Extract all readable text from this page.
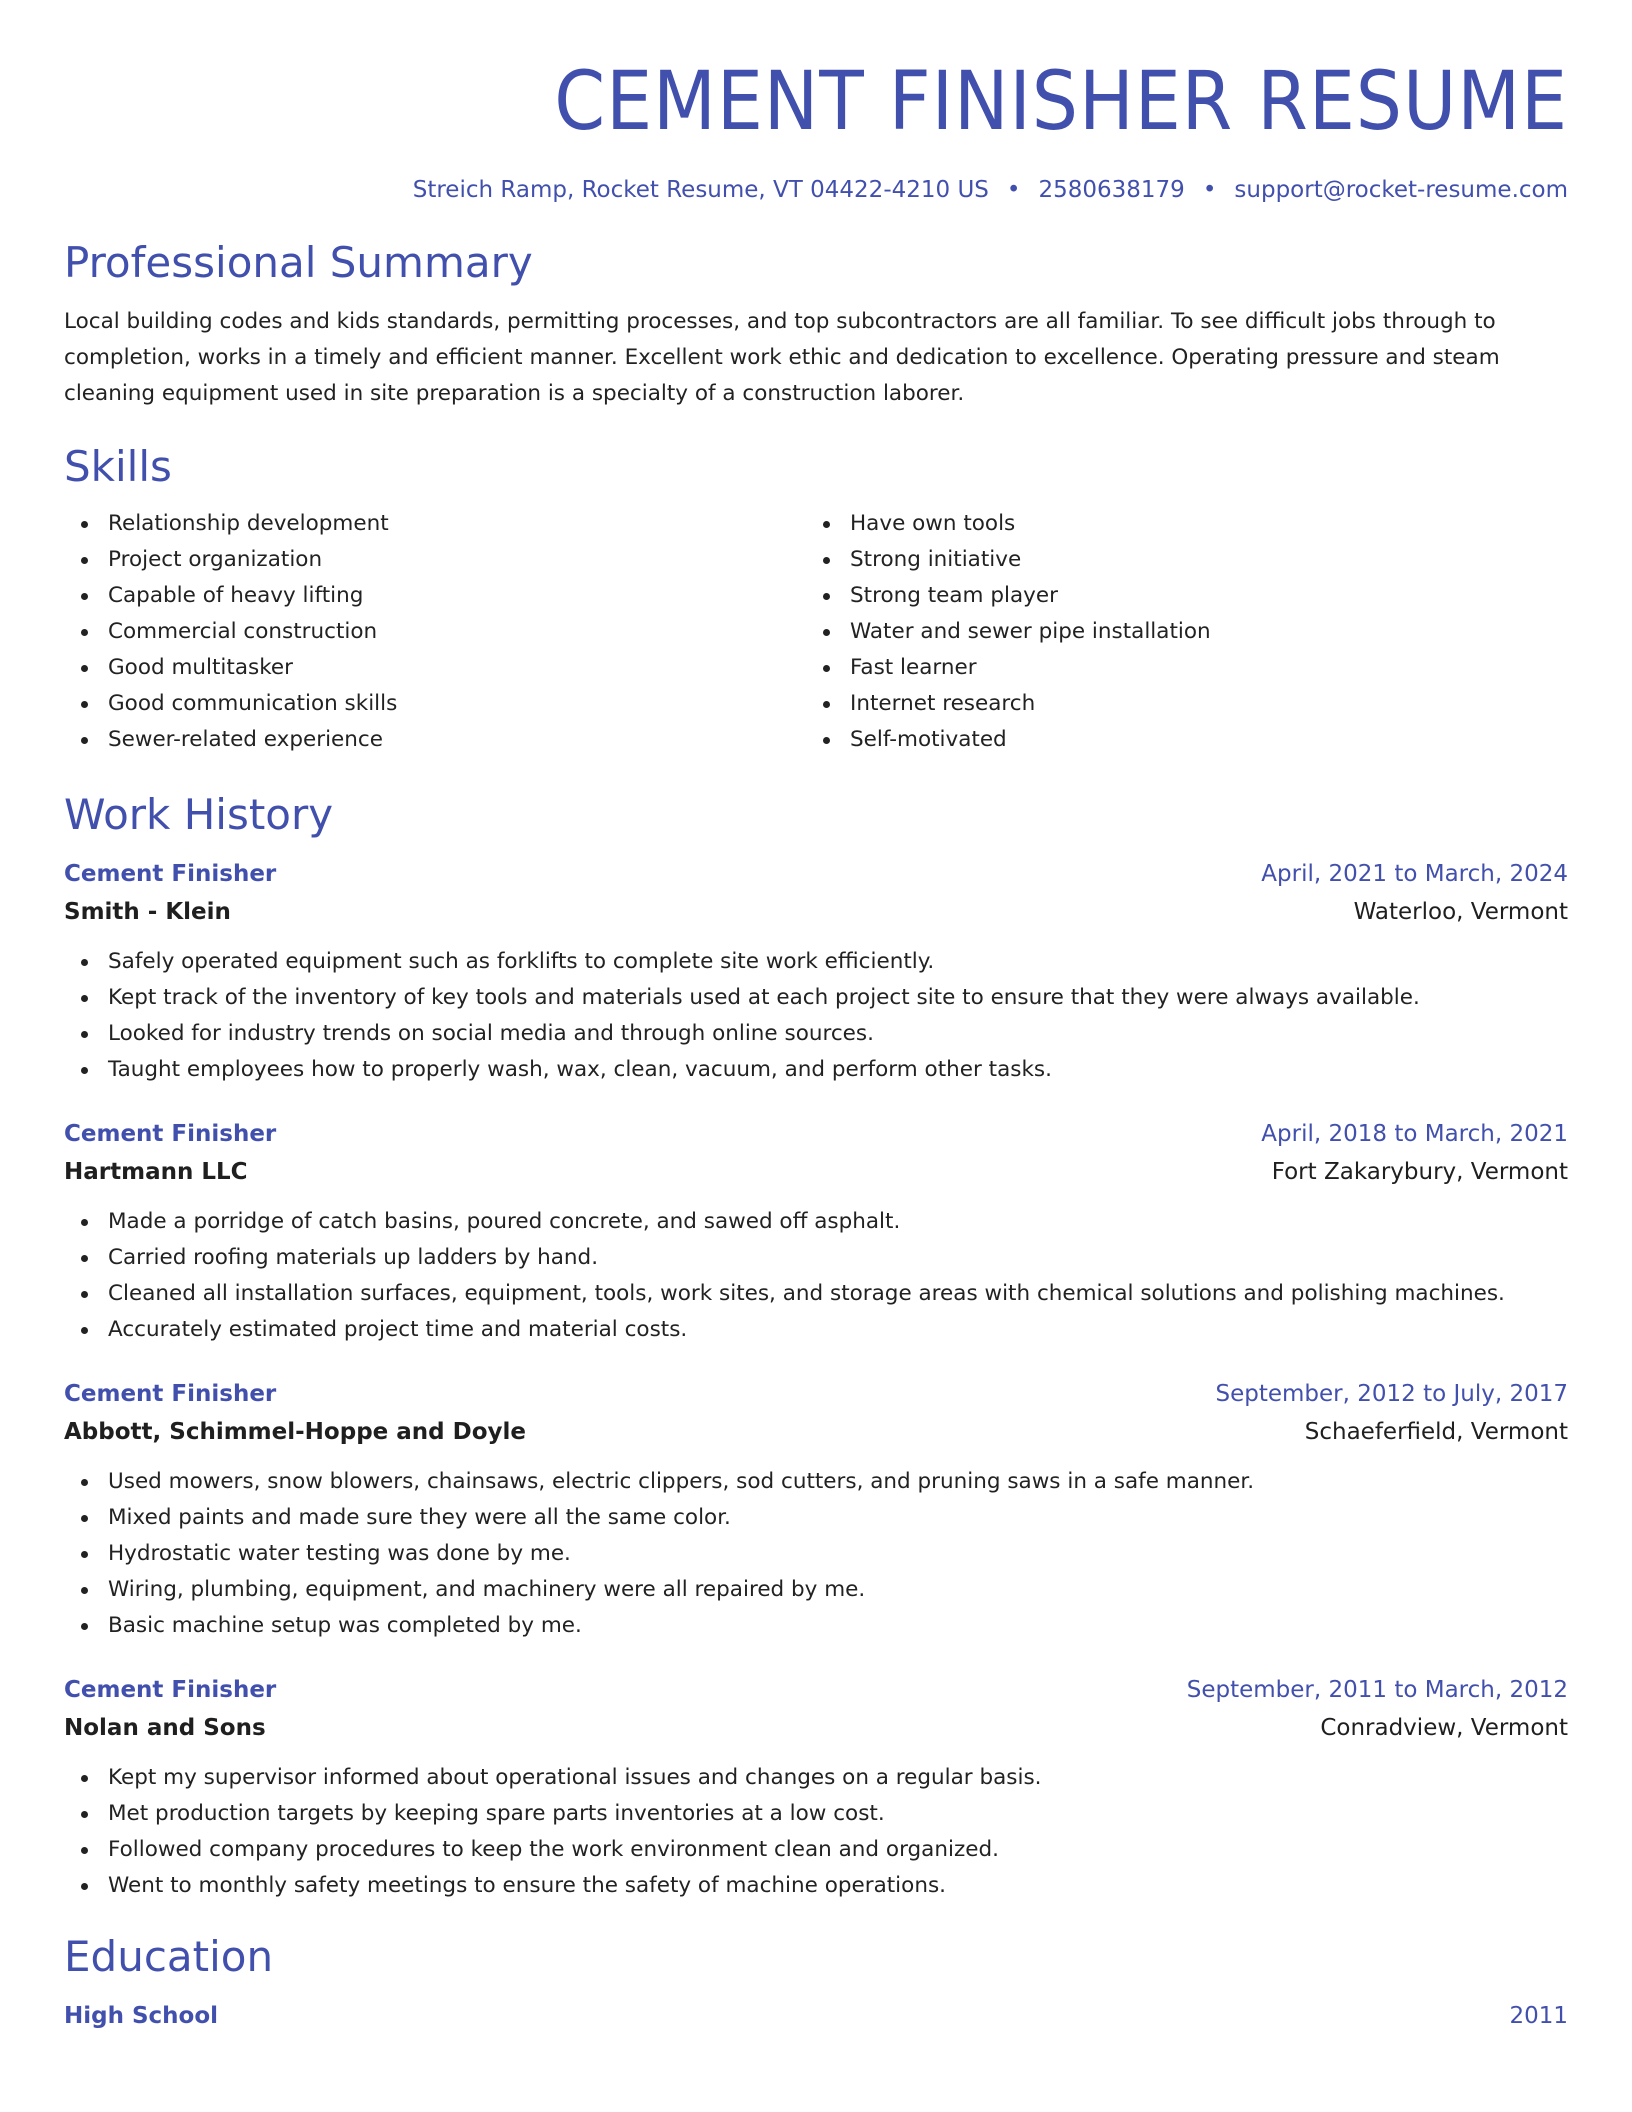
CEMENT FINISHER RESUME
Streich Ramp, Rocket Resume, VT 04422-4210 US • 2580638179 • support@rocket-resume.com
Professional Summary

Local building codes and kids standards, permitting processes, and top subcontractors are all familiar. To see difficult jobs through to completion, works in a timely and efficient manner. Excellent work ethic and dedication to excellence. Operating pressure and steam cleaning equipment used in site preparation is a specialty of a construction laborer.

Skills
Relationship development
Project organization
Capable of heavy lifting
Commercial construction
Good multitasker
Good communication skills
Sewer-related experience
Have own tools
Strong initiative
Strong team player
Water and sewer pipe installation
Fast learner
Internet research
Self-motivated
Work History
Cement Finisher	April, 2021 to March, 2024
Smith - Klein	Waterloo, Vermont
Safely operated equipment such as forklifts to complete site work efficiently.
Kept track of the inventory of key tools and materials used at each project site to ensure that they were always available.
Looked for industry trends on social media and through online sources.
Taught employees how to properly wash, wax, clean, vacuum, and perform other tasks.
Cement Finisher	April, 2018 to March, 2021
Hartmann LLC	Fort Zakarybury, Vermont
Made a porridge of catch basins, poured concrete, and sawed off asphalt.
Carried roofing materials up ladders by hand.
Cleaned all installation surfaces, equipment, tools, work sites, and storage areas with chemical solutions and polishing machines.
Accurately estimated project time and material costs.
Cement Finisher	September, 2012 to July, 2017
Abbott, Schimmel-Hoppe and Doyle	Schaeferfield, Vermont
Used mowers, snow blowers, chainsaws, electric clippers, sod cutters, and pruning saws in a safe manner.
Mixed paints and made sure they were all the same color.
Hydrostatic water testing was done by me.
Wiring, plumbing, equipment, and machinery were all repaired by me.
Basic machine setup was completed by me.
Cement Finisher	September, 2011 to March, 2012
Nolan and Sons	Conradview, Vermont
Kept my supervisor informed about operational issues and changes on a regular basis.
Met production targets by keeping spare parts inventories at a low cost.
Followed company procedures to keep the work environment clean and organized.
Went to monthly safety meetings to ensure the safety of machine operations.
Education
High School	2011
